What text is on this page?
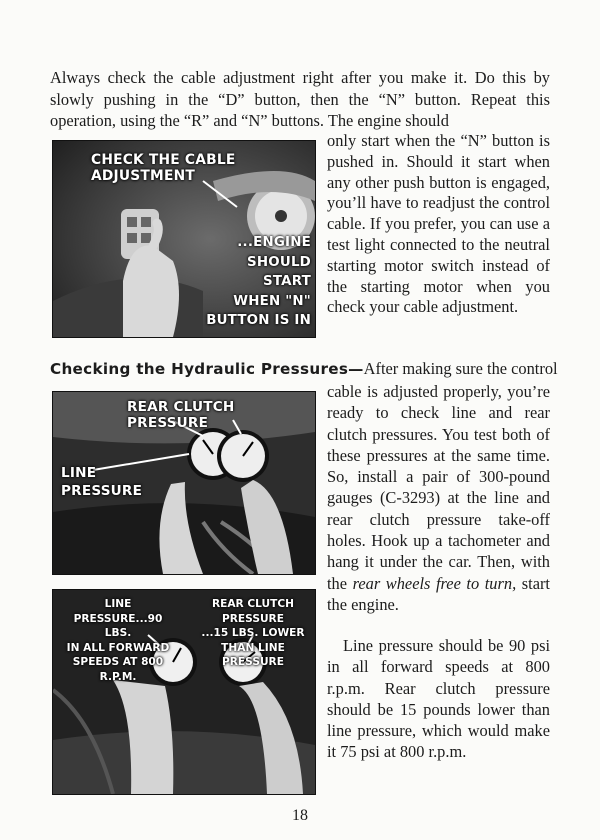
Always check the cable adjustment right after you make it. Do this by slowly pushing in the “D” button, then the “N” button. Repeat this operation, using the “R” and “N” buttons. The engine should

only start when the “N” button is pushed in. Should it start when any other push button is engaged, you’ll have to readjust the control cable. If you prefer, you can use a test light connected to the neutral starting motor switch instead of the starting motor when you check your cable adjustment.

CHECK THE CABLE ADJUSTMENT
...ENGINE
SHOULD START
WHEN "N"
BUTTON IS IN
Checking the Hydraulic Pressures—After making sure the control

cable is adjusted properly, you’re ready to check line and rear clutch pressures. You test both of these pressures at the same time. So, install a pair of 300-pound gauges (C-3293) at the line and rear clutch pressure take-off holes. Hook up a tachometer and hang it under the car. Then, with the rear wheels free to turn, start the engine.

REAR CLUTCH PRESSURE
LINE
PRESSURE
LINE PRESSURE...90 LBS.
IN ALL FORWARD
SPEEDS AT 800 R.P.M.
REAR CLUTCH PRESSURE
...15 LBS. LOWER
THAN LINE PRESSURE

Line pressure should be 90 psi in all forward speeds at 800 r.p.m. Rear clutch pressure should be 15 pounds lower than line pressure, which would make it 75 psi at 800 r.p.m.

18
